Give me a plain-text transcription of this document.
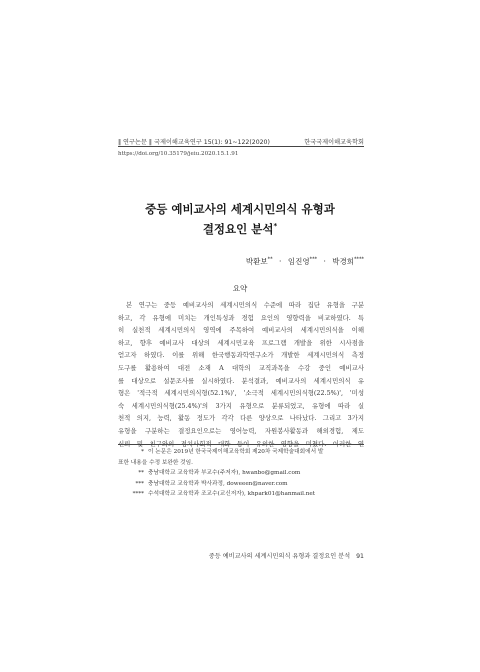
‖ 연구논문 ‖ 국제이해교육연구 15(1): 91~122(2020)	한국국제이해교육학회
https://doi.org/10.35179/jeiu.2020.15.1.91
중등 예비교사의 세계시민의식 유형과
결정요인 분석*
박환보** · 임진영*** · 박경희****
요약
본 연구는 중등 예비교사의 세계시민의식 수준에 따라 집단 유형을 구분
하고, 각 유형에 미치는 개인특성과 경험 요인의 영향력을 비교하였다. 특
히 실천적 세계시민의식 영역에 주목하여 예비교사의 세계시민의식을 이해
하고, 향후 예비교사 대상의 세계시민교육 프로그램 개발을 위한 시사점을
얻고자 하였다. 이를 위해 한국행동과학연구소가 개발한 세계시민의식 측정
도구를 활용하여 대전 소재 A 대학의 교직과목을 수강 중인 예비교사
를 대상으로 설문조사를 실시하였다. 분석결과, 예비교사의 세계시민의식 유
형은 '적극적 세계시민의식형(52.1%)', '소극적 세계시민의식형(22.5%)', '미성
숙 세계시민의식형(25.4%)'의 3가지 유형으로 분류되었고, 유형에 따라 실
천적 의지, 능력, 활동 정도가 각각 다른 양상으로 나타났다. 그리고 3가지
유형을 구분하는 결정요인으로는 영어능력, 자원봉사활동과 해외경험, 제도
신뢰 및 친구와의 정치사회적 대화 등이 유의한 영향을 미쳤다. 이러한 연
* 이 논문은 2019년 한국국제이해교육학회 제20차 국제학술대회에서 발
표한 내용을 수정 보완한 것임.
** 충남대학교 교육학과 부교수(주저자), hwanbo@gmail.com
*** 충남대학교 교육학과 박사과정, doweeen@naver.com
**** 수석대학교 교육학과 조교수(교신저자), khpark01@hanmail.net
중등 예비교사의 세계시민의식 유형과 결정요인 분석 91
